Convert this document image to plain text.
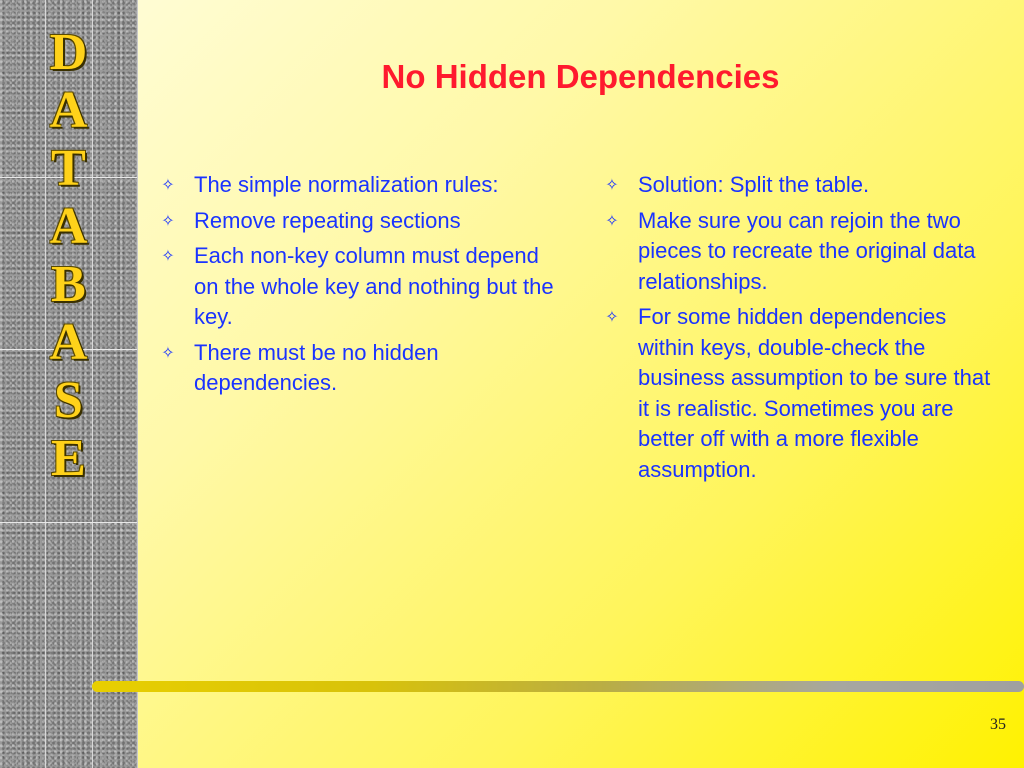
D
A
T
A
B
A
S
E
No Hidden Dependencies
✧ The simple normalization rules:
✧ Remove repeating sections
✧ Each non-key column must depend on the whole key and nothing but the key.
✧ There must be no hidden dependencies.
✧ Solution: Split the table.
✧ Make sure you can rejoin the two pieces to recreate the original data relationships.
✧ For some hidden dependencies within keys, double-check the business assumption to be sure that it is realistic. Sometimes you are better off with a more flexible assumption.
35
